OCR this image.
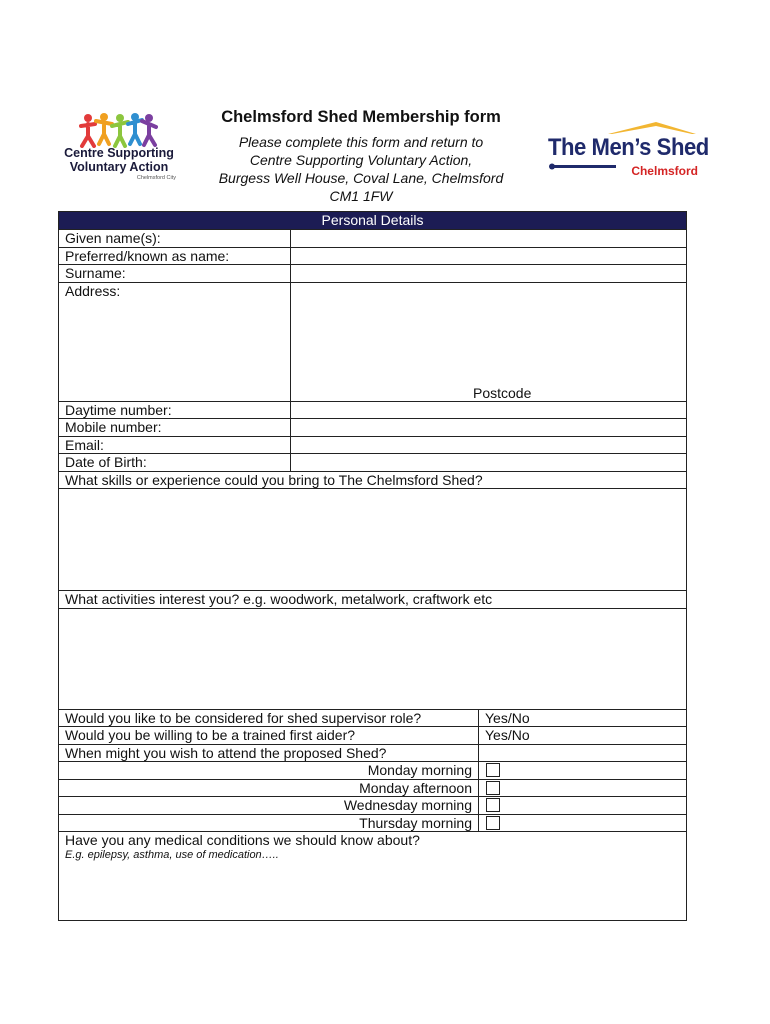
Centre Supporting
Voluntary Action
Chelmsford City

Chelmsford Shed Membership form

Please complete this form and return to

Centre Supporting Voluntary Action,

Burgess Well House, Coval Lane, Chelmsford

CM1 1FW

The Men’s Shed
Chelmsford
Personal Details
Given name(s):
Preferred/known as name:
Surname:
Address:
Postcode
Daytime number:
Mobile number:
Email:
Date of Birth:
What skills or experience could you bring to The Chelmsford Shed?
What activities interest you? e.g. woodwork, metalwork, craftwork etc
Would you like to be considered for shed supervisor role?	Yes/No
Would you be willing to be a trained first aider?	Yes/No
When might you wish to attend the proposed Shed?
Monday morning
Monday afternoon
Wednesday morning
Thursday morning
Have you any medical conditions we should know about?
E.g. epilepsy, asthma, use of medication…..
